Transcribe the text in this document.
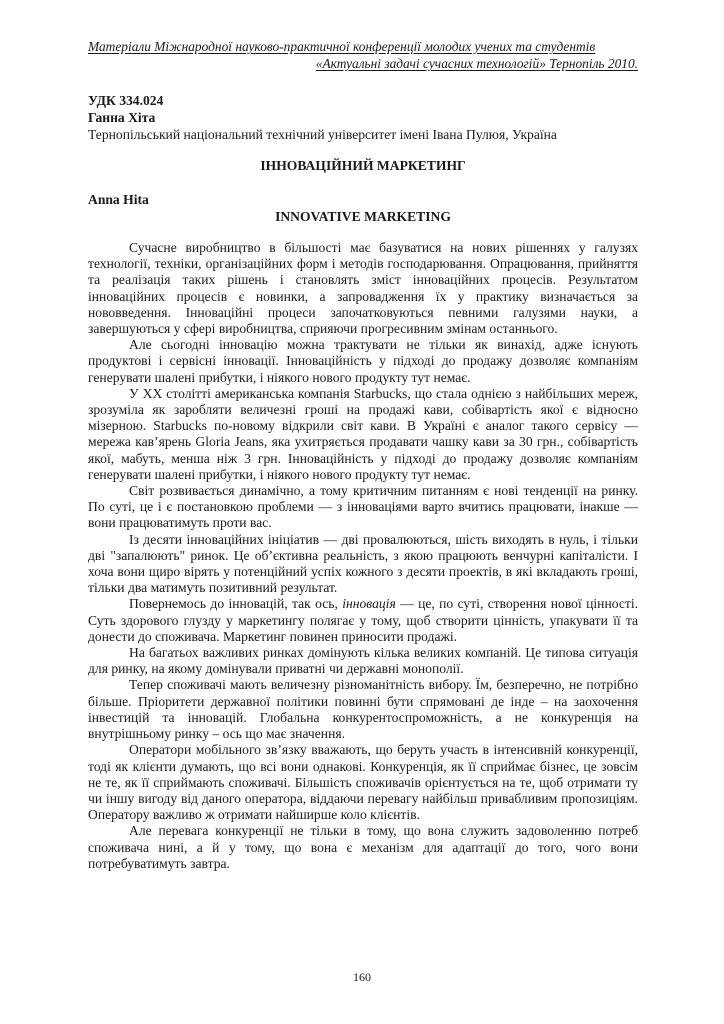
Матеріали Міжнародної науково-практичної конференції молодих учених та студентів
«Актуальні задачі сучасних технологій» Тернопіль 2010.
УДК 334.024
Ганна Хіта
Тернопільський національний технічний університет імені Івана Пулюя, Україна
ІННОВАЦІЙНИЙ МАРКЕТИНГ
Anna Hita
INNOVATIVE MARKETING

Сучасне виробництво в більшості має базуватися на нових рішеннях у галузях технології, техніки, організаційних форм і методів господарювання. Опрацювання, прийняття та реалізація таких рішень і становлять зміст інноваційних процесів. Результатом інноваційних процесів є новинки, а запровадження їх у практику визначається за нововведення. Інноваційні процеси започатковуються певними галузями науки, а завершуються у сфері виробництва, сприяючи прогресивним змінам останнього.

Але сьогодні інновацію можна трактувати не тільки як винахід, адже існують продуктові і сервісні інновації. Інноваційність у підході до продажу дозволяє компаніям генерувати шалені прибутки, і ніякого нового продукту тут немає.

У XX столітті американська компанія Starbucks, що стала однією з найбільших мереж, зрозуміла як заробляти величезні гроші на продажі кави, собівартість якої є відносно мізерною. Starbucks по-новому відкрили світ кави. В Україні є аналог такого сервісу — мережа кав’ярень Gloria Jeans, яка ухитряється продавати чашку кави за 30 грн., собівартість якої, мабуть, менша ніж 3 грн. Інноваційність у підході до продажу дозволяє компаніям генерувати шалені прибутки, і ніякого нового продукту тут немає.

Світ розвивається динамічно, а тому критичним питанням є нові тенденції на ринку. По суті, це і є постановкою проблеми — з інноваціями варто вчитись працювати, інакше — вони працюватимуть проти вас.

Із десяти інноваційних ініціатив — дві провалюються, шість виходять в нуль, і тільки дві "запалюють" ринок. Це об’єктивна реальність, з якою працюють венчурні капіталісти. І хоча вони щиро вірять у потенційний успіх кожного з десяти проектів, в які вкладають гроші, тільки два матимуть позитивний результат.

Повернемось до інновацій, так ось, інновація — це, по суті, створення нової цінності. Суть здорового глузду у маркетингу полягає у тому, щоб створити цінність, упакувати її та донести до споживача. Маркетинг повинен приносити продажі.

На багатьох важливих ринках домінують кілька великих компаній. Це типова ситуація для ринку, на якому домінували приватні чи державні монополії.

Тепер споживачі мають величезну різноманітність вибору. Їм, безперечно, не потрібно більше. Пріоритети державної політики повинні бути спрямовані де інде – на заохочення інвестицій та інновацій. Глобальна конкурентоспроможність, а не конкуренція на внутрішньому ринку – ось що має значення.

Оператори мобільного зв’язку вважають, що беруть участь в інтенсивній конкуренції, тоді як клієнти думають, що всі вони однакові. Конкуренція, як її сприймає бізнес, це зовсім не те, як її сприймають споживачі. Більшість споживачів орієнтується на те, щоб отримати ту чи іншу вигоду від даного оператора, віддаючи перевагу найбільш привабливим пропозиціям. Оператору важливо ж отримати найширше коло клієнтів.

Але перевага конкуренції не тільки в тому, що вона служить задоволенню потреб споживача нині, а й у тому, що вона є механізм для адаптації до того, чого вони потребуватимуть завтра.

160
